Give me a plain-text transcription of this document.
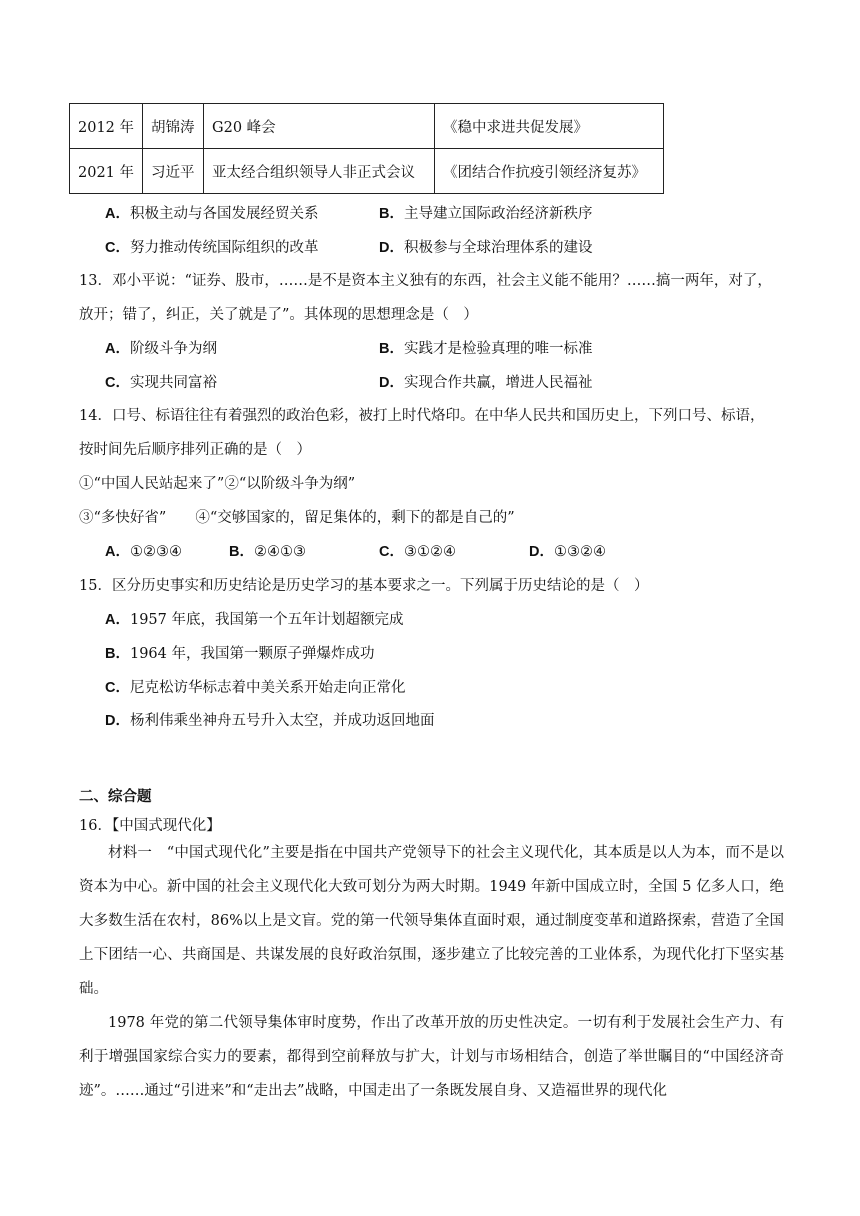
2012 年	胡锦涛	G20 峰会	《稳中求进共促发展》
2021 年	习近平	亚太经合组织领导人非正式会议	《团结合作抗疫引领经济复苏》
A．积极主动与各国发展经贸关系	B．主导建立国际政治经济新秩序
C．努力推动传统国际组织的改革	D．积极参与全球治理体系的建设
13．邓小平说：“证券、股市，……是不是资本主义独有的东西，社会主义能不能用？……搞一两年，对了，
放开；错了，纠正，关了就是了”。其体现的思想理念是（　）
A．阶级斗争为纲	B．实践才是检验真理的唯一标准
C．实现共同富裕	D．实现合作共赢，增进人民福祉
14．口号、标语往往有着强烈的政治色彩，被打上时代烙印。在中华人民共和国历史上，下列口号、标语，
按时间先后顺序排列正确的是（　）
①“中国人民站起来了”②“以阶级斗争为纲”
③“多快好省”　　④“交够国家的，留足集体的，剩下的都是自己的”
A．①②③④	B．②④①③	C．③①②④	D．①③②④
15．区分历史事实和历史结论是历史学习的基本要求之一。下列属于历史结论的是（　）
A．1957 年底，我国第一个五年计划超额完成
B．1964 年，我国第一颗原子弹爆炸成功
C．尼克松访华标志着中美关系开始走向正常化
D．杨利伟乘坐神舟五号升入太空，并成功返回地面
二、综合题
16．【中国式现代化】
材料一　“中国式现代化”主要是指在中国共产党领导下的社会主义现代化，其本质是以人为本，而不是以资本为中心。新中国的社会主义现代化大致可划分为两大时期。1949 年新中国成立时，全国 5 亿多人口，绝大多数生活在农村，86%以上是文盲。党的第一代领导集体直面时艰，通过制度变革和道路探索，营造了全国上下团结一心、共商国是、共谋发展的良好政治氛围，逐步建立了比较完善的工业体系，为现代化打下坚实基础。
1978 年党的第二代领导集体审时度势，作出了改革开放的历史性决定。一切有利于发展社会生产力、有利于增强国家综合实力的要素，都得到空前释放与扩大，计划与市场相结合，创造了举世瞩目的“中国经济奇迹”。……通过“引进来”和“走出去”战略，中国走出了一条既发展自身、又造福世界的现代化
